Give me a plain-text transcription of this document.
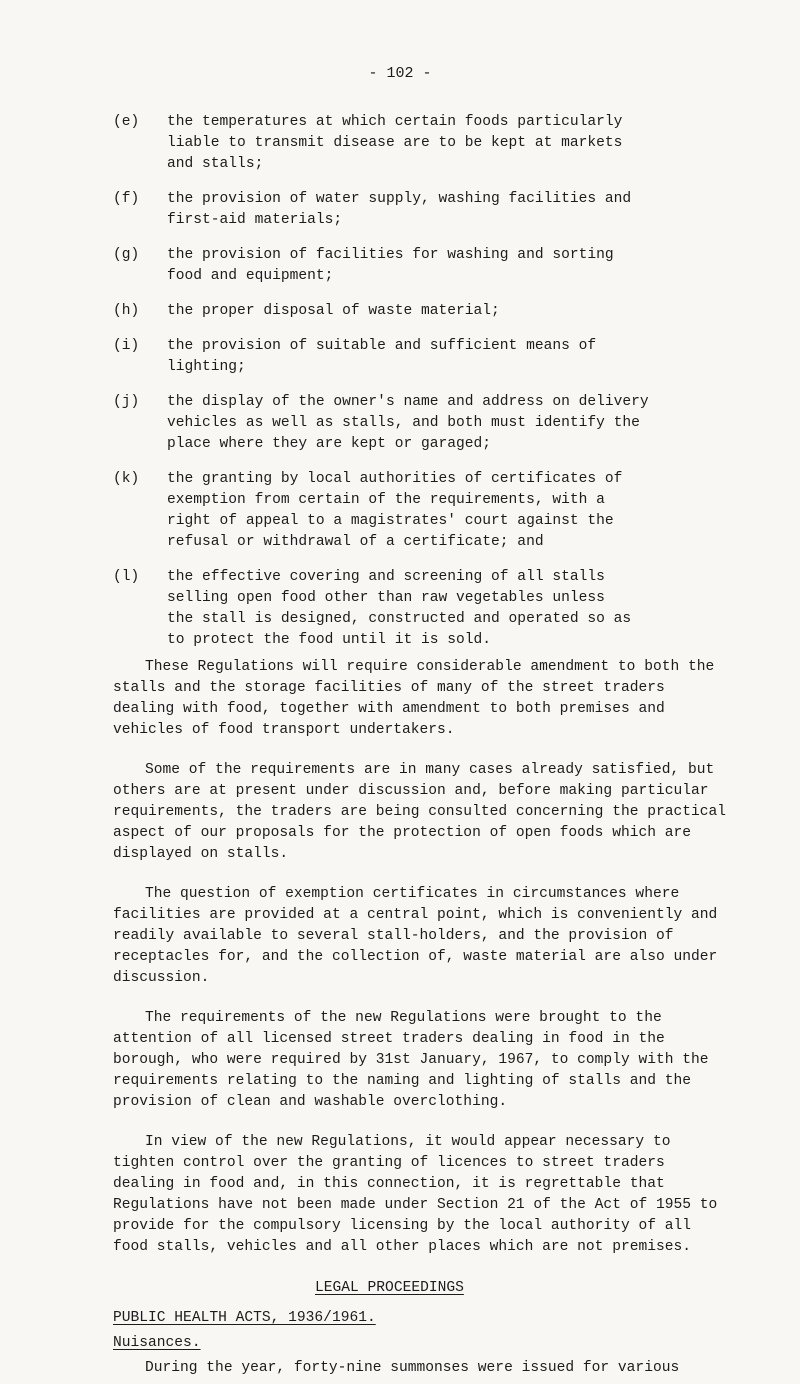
- 102 -
(e)	the temperatures at which certain foods particularly
liable to transmit disease are to be kept at markets
and stalls;
(f)	the provision of water supply, washing facilities and
first-aid materials;
(g)	the provision of facilities for washing and sorting
food and equipment;
(h)	the proper disposal of waste material;
(i)	the provision of suitable and sufficient means of
lighting;
(j)	the display of the owner's name and address on delivery
vehicles as well as stalls, and both must identify the
place where they are kept or garaged;
(k)	the granting by local authorities of certificates of
exemption from certain of the requirements, with a
right of appeal to a magistrates' court against the
refusal or withdrawal of a certificate; and
(l)	the effective covering and screening of all stalls
selling open food other than raw vegetables unless
the stall is designed, constructed and operated so as
to protect the food until it is sold.
These Regulations will require considerable amendment to both the
stalls and the storage facilities of many of the street traders
dealing with food, together with amendment to both premises and
vehicles of food transport undertakers.
Some of the requirements are in many cases already satisfied, but
others are at present under discussion and, before making particular
requirements, the traders are being consulted concerning the practical
aspect of our proposals for the protection of open foods which are
displayed on stalls.
The question of exemption certificates in circumstances where
facilities are provided at a central point, which is conveniently and
readily available to several stall-holders, and the provision of
receptacles for, and the collection of, waste material are also under
discussion.
The requirements of the new Regulations were brought to the
attention of all licensed street traders dealing in food in the
borough, who were required by 31st January, 1967, to comply with the
requirements relating to the naming and lighting of stalls and the
provision of clean and washable overclothing.
In view of the new Regulations, it would appear necessary to
tighten control over the granting of licences to street traders
dealing in food and, in this connection, it is regrettable that
Regulations have not been made under Section 21 of the Act of 1955 to
provide for the compulsory licensing by the local authority of all
food stalls, vehicles and all other places which are not premises.
LEGAL PROCEEDINGS
PUBLIC HEALTH ACTS, 1936/1961.
Nuisances.
During the year, forty-nine summonses were issued for various
